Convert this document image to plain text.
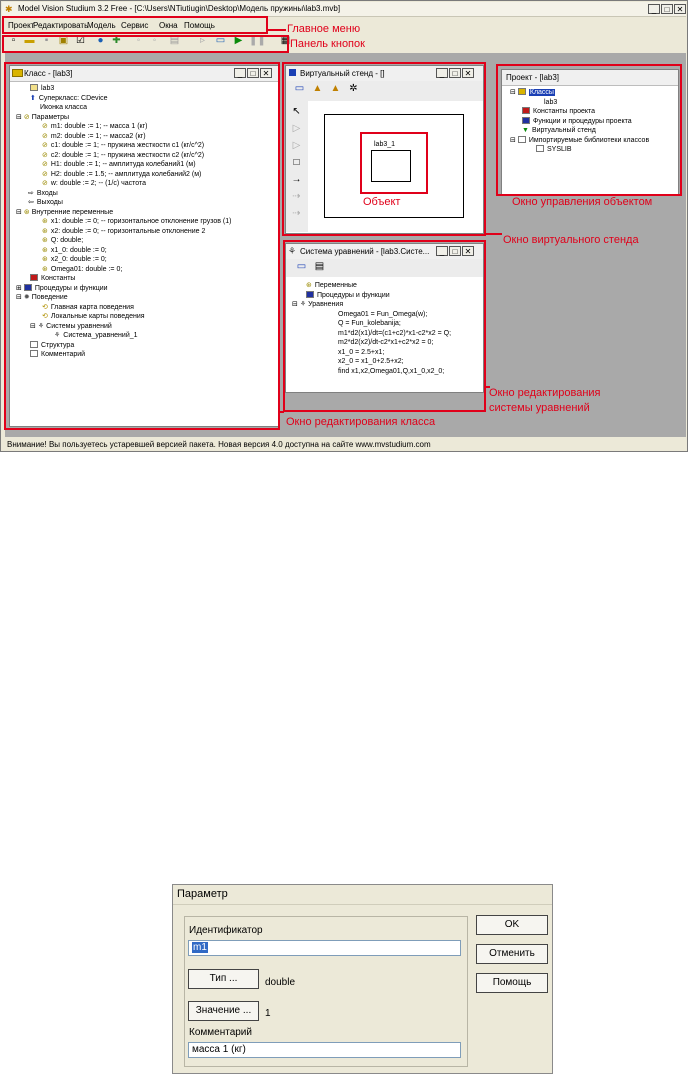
✱ Model Vision Studium 3.2 Free - [C:\Users\NTiutiugin\Desktop\Модель пружины\lab3.mvb]	_	□ ✕
Проект
Редактировать
Модель Сервис Окна Помощь
▫ ▬	▪	▣ ☑ ● ✚	◦	◦	▤ ▹ ▭ ▶ ❚❚ ▦
Класс - [lab3]	_	□ ✕
lab3
⬆ Суперкласс: CDevice
Иконка класса
⊟ ⊘ Параметры
⊘ m1: double := 1; -- масса 1 (кг)
⊘ m2: double := 1; -- масса2 (кг)
⊘ c1: double := 1; -- пружина жесткости с1 (кг/с^2)
⊘ c2: double := 1; -- пружина жесткости с2 (кг/с^2)
⊘ H1: double := 1; -- амплитуда колебаний1 (м)
⊘ H2: double := 1.5; -- амплитуда колебаний2 (м)
⊘ w: double := 2; -- (1/с) частота
⇨ Входы
⇦ Выходы
⊟ ⊛ Внутренние переменные
⊛ x1: double := 0; -- горизонтальное отклонение грузов (1)
⊛ x2: double := 0; -- горизонтальные отклонение 2
⊛ Q: double;
⊛ x1_0: double := 0;
⊛ x2_0: double := 0;
⊛ Omega01: double := 0;
Константы
⊞ Процедуры и функции
⊟ ✹ Поведение
⟲ Главная карта поведения
⟲ Локальные карты поведения
⊟ ⚘ Системы уравнений
⚘ Система_уравнений_1
Структура
Комментарий
Виртуальный стенд - []	_	□ ✕
▭ ▲ ▲ ✲
↖
▷
▷
□
→
⇢
⇢
lab3_1
Проект - [lab3]
⊟ Классы
lab3
Константы проекта
Функции и процедуры проекта
▼ Виртуальный стенд
⊟ Импортируемые библиотеки классов
SYSLIB
⚘ Система уравнений - [lab3.Систе...	_	□ ✕
▭ ▤
⊛ Переменные
Процедуры и функции
⊟ ⚘ Уравнения
Omega01 = Fun_Omega(w);
Q = Fun_kolebanija;
m1*d2(x1)/dt=(c1+c2)*x1-c2*x2 = Q;
m2*d2(x2)/dt-c2*x1+c2*x2 = 0;
x1_0 = 2.5+x1;
x2_0 = x1_0+2.5+x2;
find x1,x2,Omega01,Q,x1_0,x2_0;
Внимание! Вы пользуетесь устаревшей версией пакета. Новая версия 4.0 доступна на сайте www.mvstudium.com
Главное меню
Панель кнопок
Окно управления объектом
Окно виртуального стенда
Объект
Окно редактирования
системы уравнений
Окно редактирования класса
Параметр
Идентификатор
m1
Тип ...	double
Значение ...	1
Комментарий
масса 1 (кг)
OK
Отменить
Помощь
